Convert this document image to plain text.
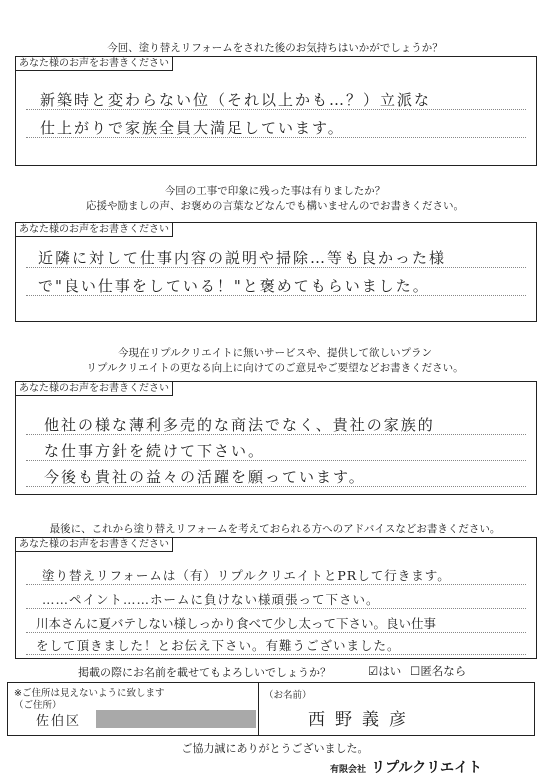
今回、塗り替えリフォームをされた後のお気持ちはいかがでしょうか？
あなた様のお声をお書きください
新築時と変わらない位（それ以上かも…？）立派な
仕上がりで家族全員大満足しています。
今回の工事で印象に残った事は有りましたか？
応援や励ましの声、お褒めの言葉などなんでも構いませんのでお書きください。
あなた様のお声をお書きください
近隣に対して仕事内容の説明や掃除…等も良かった様
で"良い仕事をしている！"と褒めてもらいました。
今現在リプルクリエイトに無いサービスや、提供して欲しいプラン
リプルクリエイトの更なる向上に向けてのご意見やご要望などお書きください。
あなた様のお声をお書きください
他社の様な薄利多売的な商法でなく、貴社の家族的
な仕事方針を続けて下さい。
今後も貴社の益々の活躍を願っています。
最後に、これから塗り替えリフォームを考えておられる方へのアドバイスなどお書きください。
あなた様のお声をお書きください
塗り替えリフォームは（有）リプルクリエイトとPRして行きます。
……ペイント……ホームに負けない様頑張って下さい。
川本さんに夏バテしない様しっかり食べて少し太って下さい。良い仕事
をして頂きました！とお伝え下さい。有難うございました。
掲載の際にお名前を載せてもよろしいでしょうか？	☑はい ☐匿名なら
※ご住所は見えないように致します
（ご住所）
佐伯区
（お名前）
西野義彦
ご協力誠にありがとうございました。
有限会社 リプルクリエイト
